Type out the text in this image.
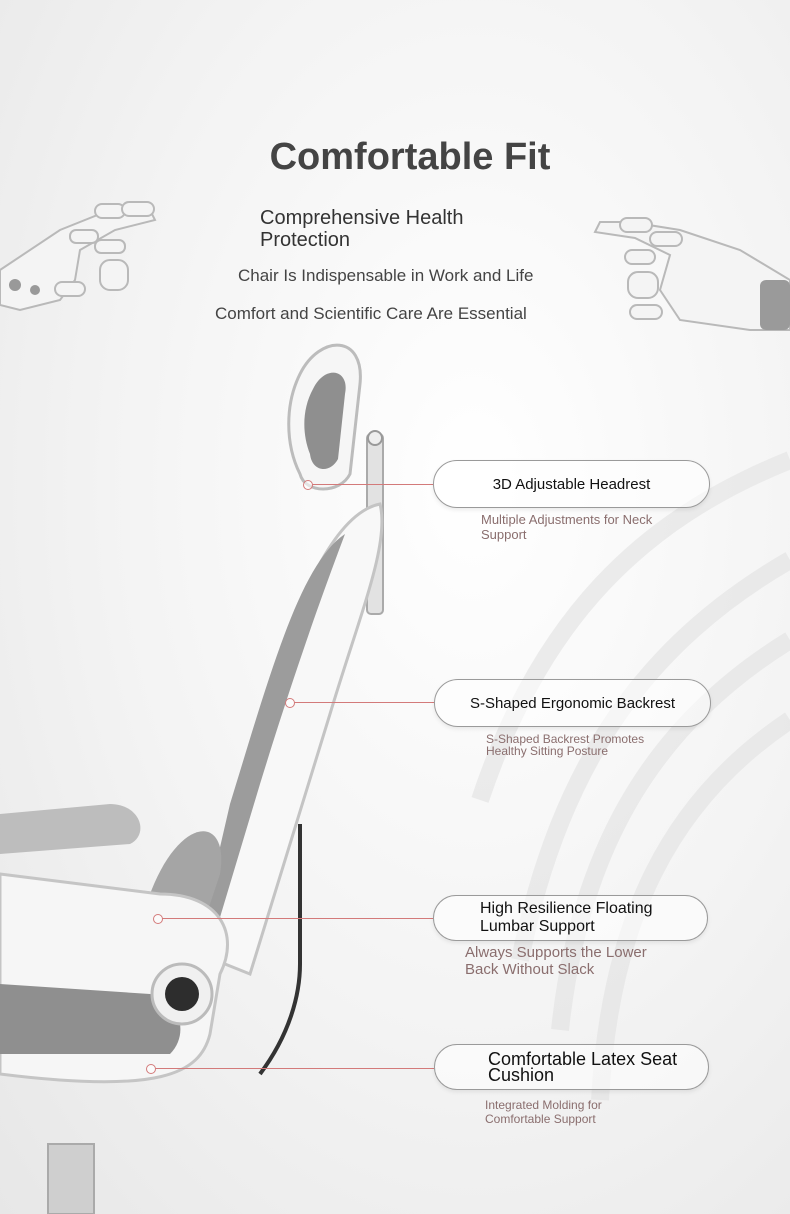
Comfortable Fit
Comprehensive Health Protection
Chair Is Indispensable in Work and Life
Comfort and Scientific Care Are Essential
3D Adjustable Headrest
Multiple Adjustments for Neck Support
S-Shaped Ergonomic Backrest
S-Shaped Backrest Promotes Healthy Sitting Posture
High Resilience Floating Lumbar Support
Always Supports the Lower Back Without Slack
Comfortable Latex Seat Cushion
Integrated Molding for Comfortable Support
